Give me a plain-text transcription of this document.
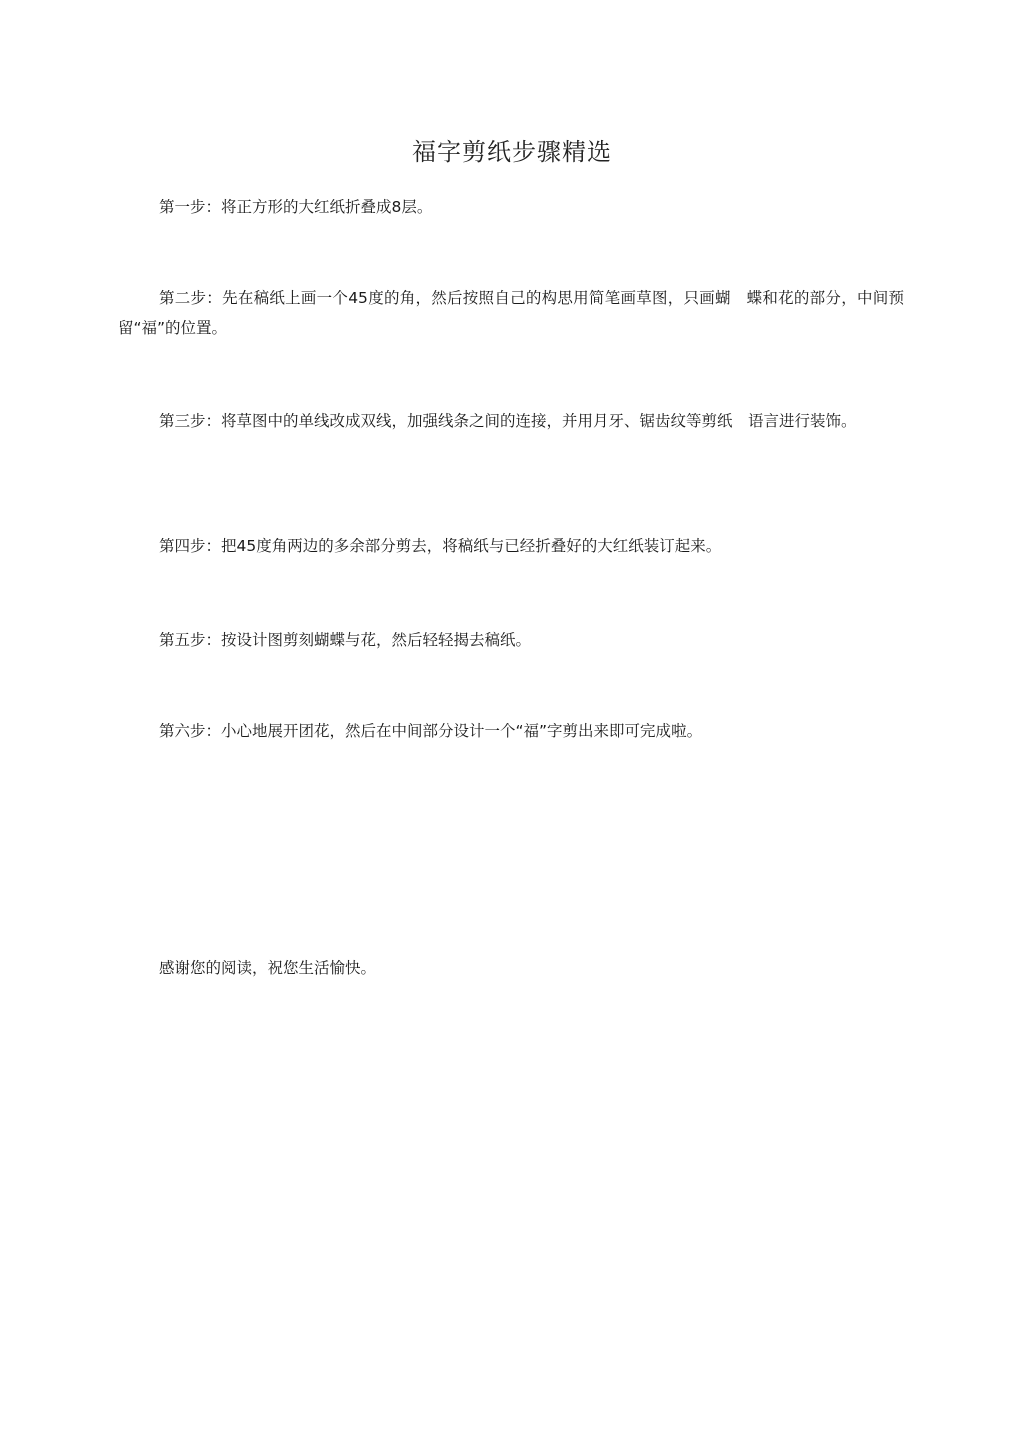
福字剪纸步骤精选

第一步：将正方形的大红纸折叠成8层。

第二步：先在稿纸上画一个45度的角，然后按照自己的构思用简笔画草图，只画蝴　蝶和花的部分，中间预留“福”的位置。

第三步：将草图中的单线改成双线，加强线条之间的连接，并用月牙、锯齿纹等剪纸　语言进行装饰。

第四步：把45度角两边的多余部分剪去，将稿纸与已经折叠好的大红纸装订起来。

第五步：按设计图剪刻蝴蝶与花，然后轻轻揭去稿纸。

第六步：小心地展开团花，然后在中间部分设计一个“福”字剪出来即可完成啦。

感谢您的阅读，祝您生活愉快。
